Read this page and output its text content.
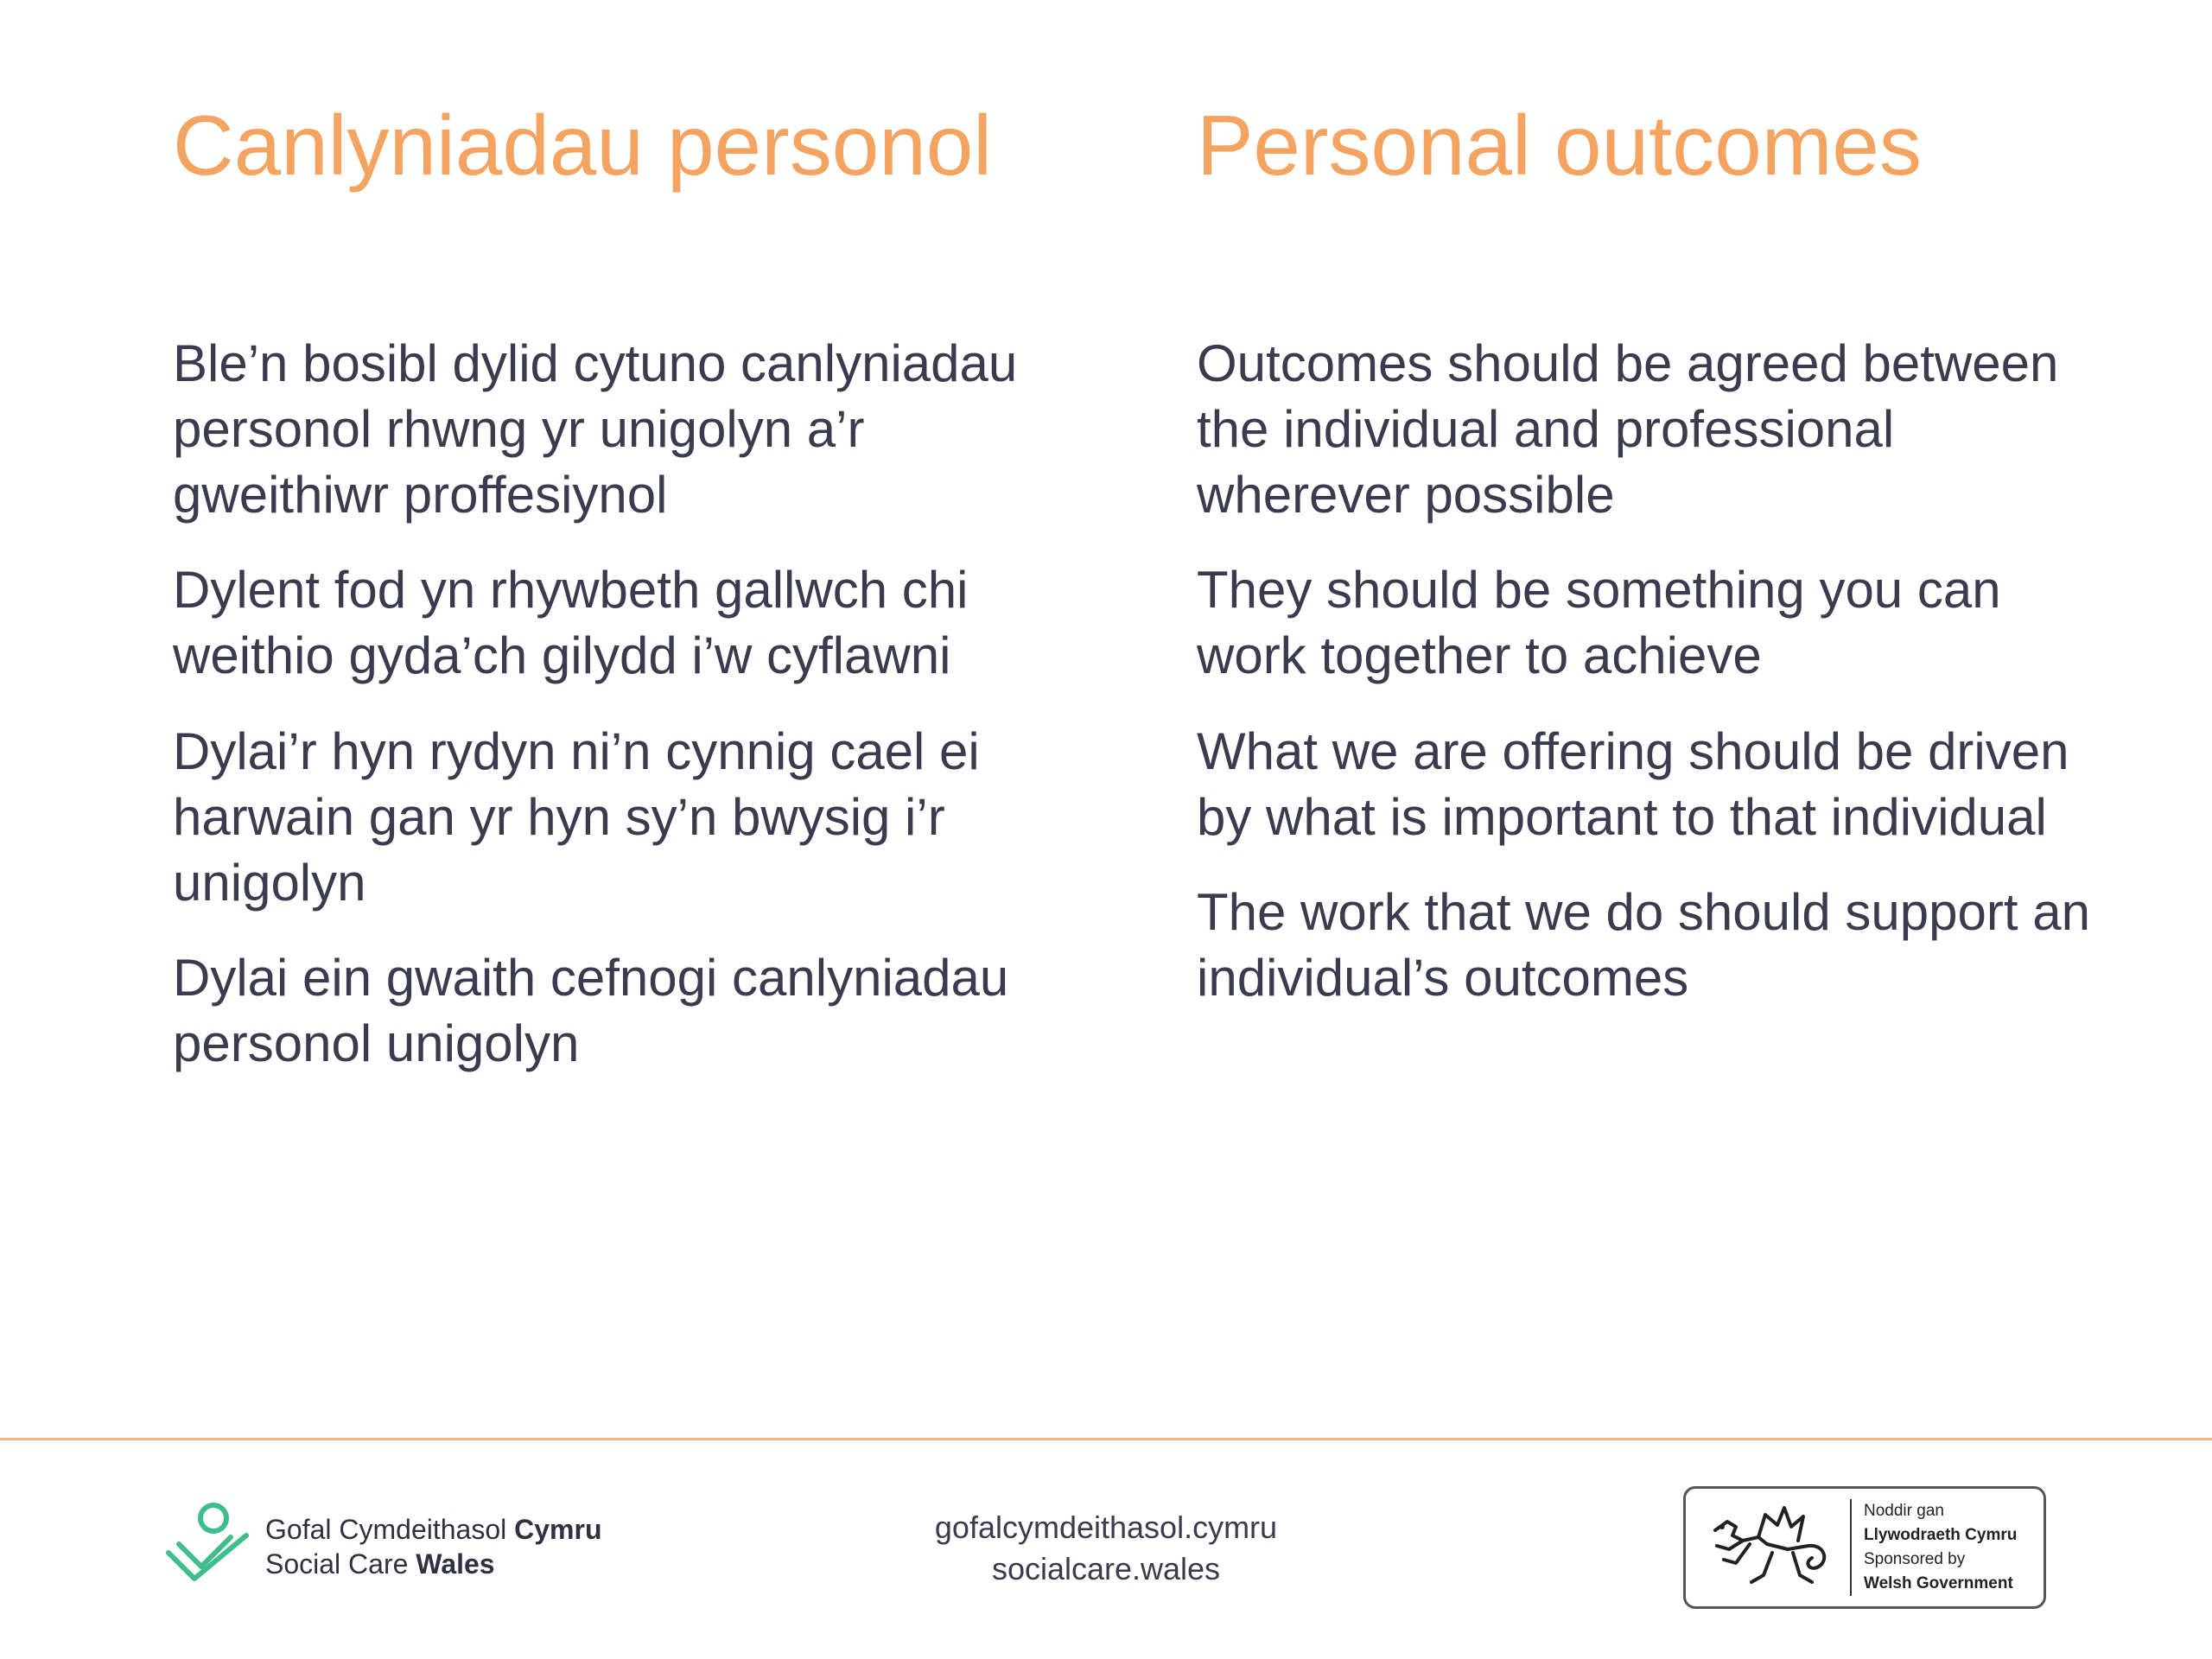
Canlyniadau personol
Ble’n bosibl dylid cytuno canlyniadau personol rhwng yr unigolyn a’r gweithiwr proffesiynol
Dylent fod yn rhywbeth gallwch chi weithio gyda’ch gilydd i’w cyflawni
Dylai’r hyn rydyn ni’n cynnig cael ei harwain gan yr hyn sy’n bwysig i’r unigolyn
Dylai ein gwaith cefnogi canlyniadau personol unigolyn
Personal outcomes
Outcomes should be agreed between the individual and professional wherever possible
They should be something you can work together to achieve
What we are offering should be driven by what is important to that individual
The work that we do should support an individual’s outcomes
Gofal Cymdeithasol Cymru
Social Care Wales
gofalcymdeithasol.cymru
socialcare.wales
Noddir gan
Llywodraeth Cymru
Sponsored by
Welsh Government
